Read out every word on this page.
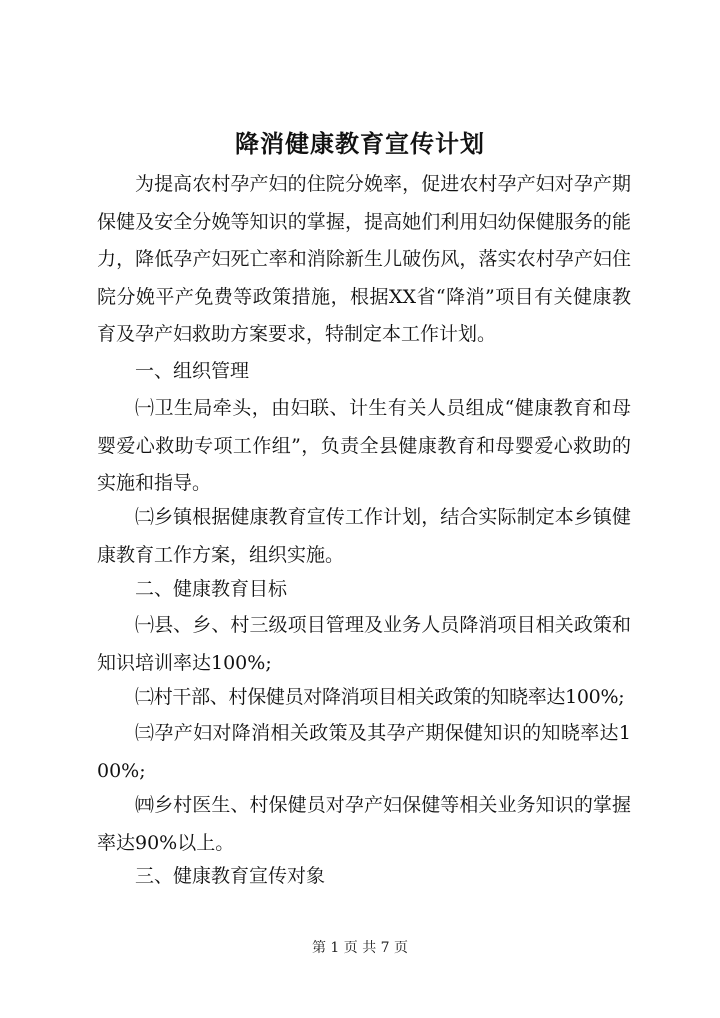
降消健康教育宣传计划

为提高农村孕产妇的住院分娩率，促进农村孕产妇对孕产期保健及安全分娩等知识的掌握，提高她们利用妇幼保健服务的能力，降低孕产妇死亡率和消除新生儿破伤风，落实农村孕产妇住院分娩平产免费等政策措施，根据XX省“降消”项目有关健康教育及孕产妇救助方案要求，特制定本工作计划。

一、组织管理

㈠卫生局牵头，由妇联、计生有关人员组成“健康教育和母婴爱心救助专项工作组”，负责全县健康教育和母婴爱心救助的实施和指导。

㈡乡镇根据健康教育宣传工作计划，结合实际制定本乡镇健康教育工作方案，组织实施。

二、健康教育目标

㈠县、乡、村三级项目管理及业务人员降消项目相关政策和知识培训率达100%;

㈡村干部、村保健员对降消项目相关政策的知晓率达100%;

㈢孕产妇对降消相关政策及其孕产期保健知识的知晓率达100%;

㈣乡村医生、村保健员对孕产妇保健等相关业务知识的掌握率达90%以上。

三、健康教育宣传对象

第 1 页 共 7 页
